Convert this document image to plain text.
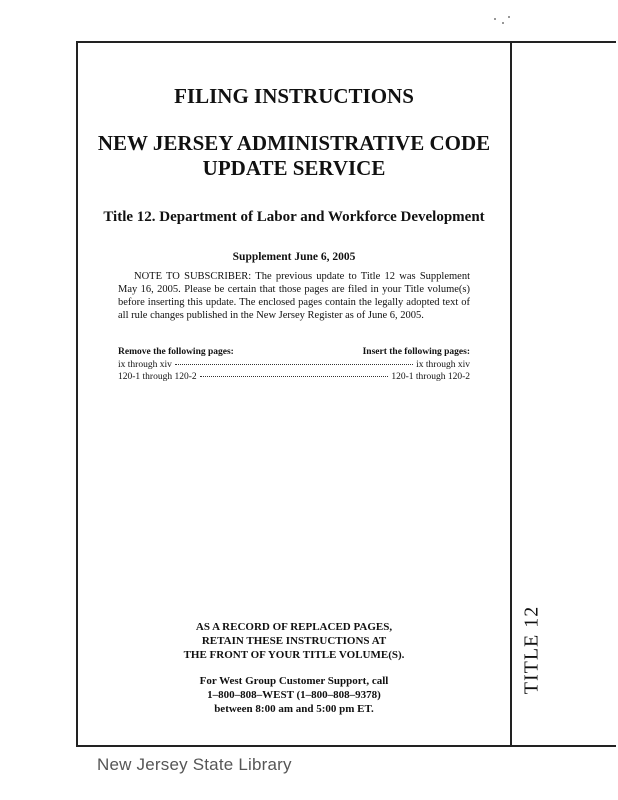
TITLE 12
FILING INSTRUCTIONS
NEW JERSEY ADMINISTRATIVE CODE
UPDATE SERVICE
Title 12. Department of Labor and Workforce Development
Supplement June 6, 2005
NOTE TO SUBSCRIBER: The previous update to Title 12 was Supplement May 16, 2005. Please be certain that those pages are filed in your Title volume(s) before inserting this update. The enclosed pages contain the legally adopted text of all rule changes published in the New Jersey Register as of June 6, 2005.
Remove the following pages:	Insert the following pages:
ix through xiv	ix through xiv
120-1 through 120-2	120-1 through 120-2
AS A RECORD OF REPLACED PAGES,
RETAIN THESE INSTRUCTIONS AT
THE FRONT OF YOUR TITLE VOLUME(S).
For West Group Customer Support, call
1–800–808–WEST (1–800–808–9378)
between 8:00 am and 5:00 pm ET.
New Jersey State Library
